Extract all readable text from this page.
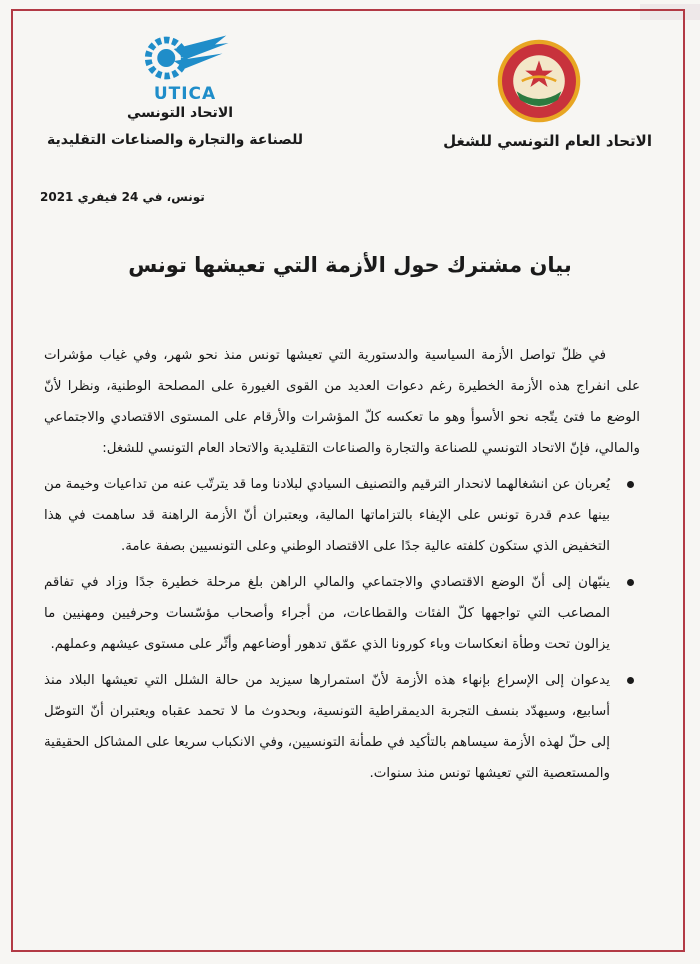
الاتحاد العام التونسي للشغل
UTICA
الاتحاد التونسي
للصناعة والتجارة والصناعات التقليدية
تونس، في 24 فيفري 2021
بيان مشترك حول الأزمة التي تعيشها تونس

في ظلّ تواصل الأزمة السياسية والدستورية التي تعيشها تونس منذ نحو شهر، وفي غياب مؤشرات على انفراج هذه الأزمة الخطيرة رغم دعوات العديد من القوى الغيورة على المصلحة الوطنية، ونظرا لأنّ الوضع ما فتئ يتّجه نحو الأسوأ وهو ما تعكسه كلّ المؤشرات والأرقام على المستوى الاقتصادي والاجتماعي والمالي، فإنّ الاتحاد التونسي للصناعة والتجارة والصناعات التقليدية والاتحاد العام التونسي للشغل:

يُعربان عن انشغالهما لانحدار الترقيم والتصنيف السيادي لبلادنا وما قد يترتّب عنه من تداعيات وخيمة من بينها عدم قدرة تونس على الإيفاء بالتزاماتها المالية، ويعتبران أنّ الأزمة الراهنة قد ساهمت في هذا التخفيض الذي ستكون كلفته عالية جدًا على الاقتصاد الوطني وعلى التونسيين بصفة عامة.
ينبّهان إلى أنّ الوضع الاقتصادي والاجتماعي والمالي الراهن بلغ مرحلة خطيرة جدًا وزاد في تفاقم المصاعب التي تواجهها كلّ الفئات والقطاعات، من أجراء وأصحاب مؤسّسات وحرفيين ومهنيين ما يزالون تحت وطأة انعكاسات وباء كورونا الذي عمّق تدهور أوضاعهم وأثّر على مستوى عيشهم وعملهم.
يدعوان إلى الإسراع بإنهاء هذه الأزمة لأنّ استمرارها سيزيد من حالة الشلل التي تعيشها البلاد منذ أسابيع، وسيهدّد بنسف التجربة الديمقراطية التونسية، وبحدوث ما لا تحمد عقباه ويعتبران أنّ التوصّل إلى حلّ لهذه الأزمة سيساهم بالتأكيد في طمأنة التونسيين، وفي الانكباب سريعا على المشاكل الحقيقية والمستعصية التي تعيشها تونس منذ سنوات.
